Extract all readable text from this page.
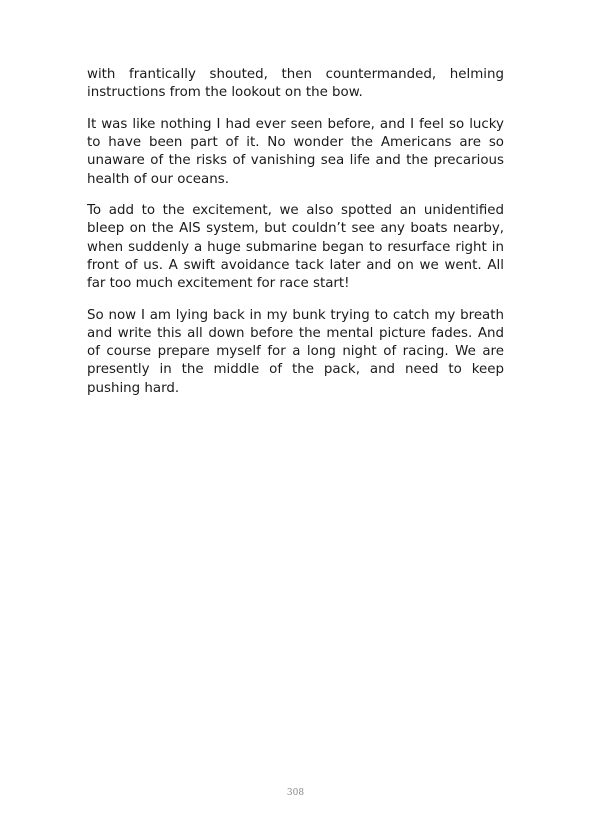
with frantically shouted, then countermanded, helming instructions from the lookout on the bow.

It was like nothing I had ever seen before, and I feel so lucky to have been part of it. No wonder the Americans are so unaware of the risks of vanishing sea life and the precarious health of our oceans.

To add to the excitement, we also spotted an unidentified bleep on the AIS system, but couldn’t see any boats nearby, when suddenly a huge submarine began to resurface right in front of us. A swift avoidance tack later and on we went. All far too much excitement for race start!

So now I am lying back in my bunk trying to catch my breath and write this all down before the mental picture fades. And of course prepare myself for a long night of racing. We are presently in the middle of the pack, and need to keep pushing hard.

308
